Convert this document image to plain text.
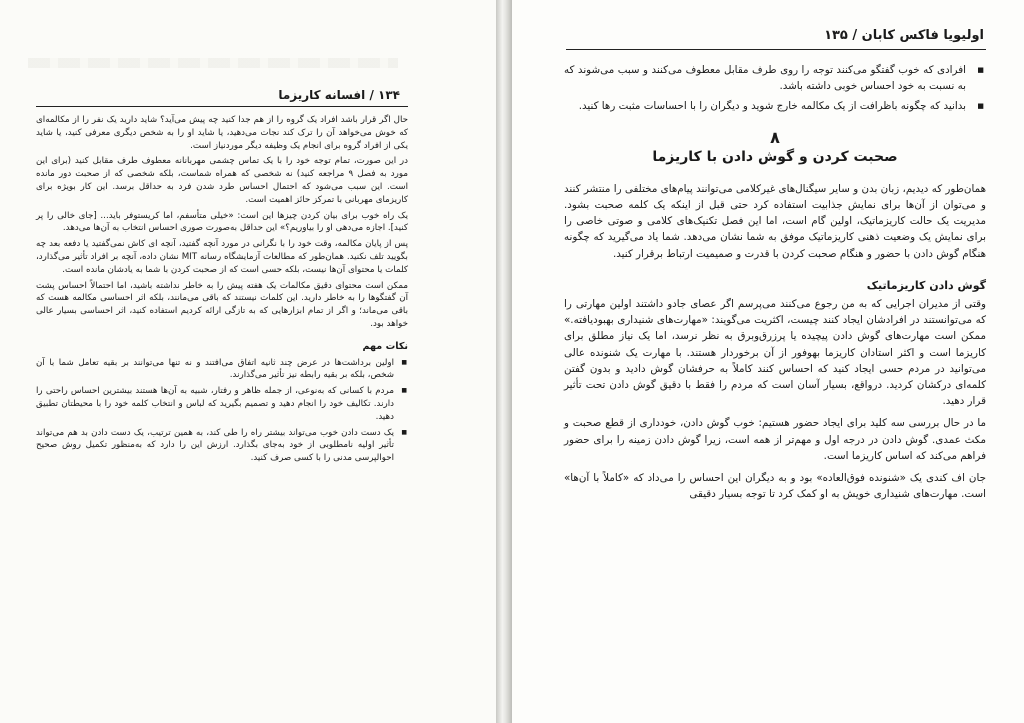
۱۳۴ / افسانه کاریزما

حال اگر قرار باشد افراد یک گروه را از هم جدا کنید چه پیش می‌آید؟ شاید دارید یک نفر را از مکالمه‌ای که خوش می‌خواهد آن را ترک کند نجات می‌دهید، یا شاید او را به شخص دیگری معرفی کنید، یا شاید یکی از افراد گروه برای انجام یک وظیفه دیگر موردنیاز است.

در این صورت، تمام توجه خود را با یک تماس چشمی مهربانانه معطوف طرف مقابل کنید (برای این مورد به فصل ۹ مراجعه کنید) نه شخصی که همراه شماست، بلکه شخصی که از صحبت دور مانده است. این سبب می‌شود که احتمال احساس طرد شدن فرد به حداقل برسد. این کار بویژه برای کاریزمای مهربانی با تمرکز حائز اهمیت است.

یک راه خوب برای بیان کردن چیزها این است: «خیلی متأسفم، اما کریستوفر باید... [جای خالی را پر کنید]. اجازه می‌دهی او را بیاوریم؟» این حداقل به‌صورت صوری احساس انتخاب به آن‌ها می‌دهد.

پس از پایان مکالمه، وقت خود را با نگرانی در مورد آنچه گفتید، آنچه ای کاش نمی‌گفتید یا دفعه بعد چه بگویید تلف نکنید. همان‌طور که مطالعات آزمایشگاه رسانه MIT نشان داده، آنچه بر افراد تأثیر می‌گذارد، کلمات یا محتوای آن‌ها نیست، بلکه حسی است که از صحبت کردن با شما به یادشان مانده است.

ممکن است محتوای دقیق مکالمات یک هفته پیش را به خاطر نداشته باشید، اما احتمالاً احساس پشت آن گفتگوها را به خاطر دارید. این کلمات نیستند که باقی می‌مانند، بلکه اثر احساسی مکالمه هست که باقی می‌ماند؛ و اگر از تمام ابزارهایی که به تازگی ارائه کردیم استفاده کنید، اثر احساسی بسیار عالی خواهد بود.

نکات مهم
■ اولین برداشت‌ها در عرض چند ثانیه اتفاق می‌افتند و نه تنها می‌توانند بر بقیه تعامل شما با آن شخص، بلکه بر بقیه رابطه نیز تأثیر می‌گذارند.
■ مردم با کسانی که به‌نوعی، از جمله ظاهر و رفتار، شبیه به آن‌ها هستند بیشترین احساس راحتی را دارند. تکالیف خود را انجام دهید و تصمیم بگیرید که لباس و انتخاب کلمه خود را با محیطتان تطبیق دهید.
■ یک دست دادن خوب می‌تواند بیشتر راه را طی کند، به همین ترتیب، یک دست دادن بد هم می‌تواند تأثیر اولیه نامطلوبی از خود به‌جای بگذارد. ارزش این را دارد که به‌منظور تکمیل روش صحیح احوالپرسی مدنی را با کسی صرف کنید.
اولیویا فاکس کابان / ۱۳۵
■ افرادی که خوب گفتگو می‌کنند توجه را روی طرف مقابل معطوف می‌کنند و سبب می‌شوند که به نسبت به خود احساس خوبی داشته باشد.
■ بدانید که چگونه باظرافت از یک مکالمه خارج شوید و دیگران را با احساسات مثبت رها کنید.
۸
صحبت کردن و گوش دادن با کاریزما

همان‌طور که دیدیم، زبان بدن و سایر سیگنال‌های غیرکلامی می‌توانند پیام‌های مختلفی را منتشر کنند و می‌توان از آن‌ها برای نمایش جذابیت استفاده کرد حتی قبل از اینکه یک کلمه صحبت بشود. مدیریت یک حالت کاریزماتیک، اولین گام است، اما این فصل تکنیک‌های کلامی و صوتی خاصی را برای نمایش یک وضعیت ذهنی کاریزماتیک موفق به شما نشان می‌دهد. شما یاد می‌گیرید که چگونه هنگام گوش دادن با حضور و هنگام صحبت کردن با قدرت و صمیمیت ارتباط برقرار کنید.

گوش دادن کاریزماتیک

وقتی از مدیران اجرایی که به من رجوع می‌کنند می‌پرسم اگر عصای جادو داشتند اولین مهارتی را که می‌توانستند در افرادشان ایجاد کنند چیست، اکثریت می‌گویند: «مهارت‌های شنیداری بهبودیافته.» ممکن است مهارت‌های گوش دادن پیچیده یا پرزرق‌وبرق به نظر نرسد، اما یک نیاز مطلق برای کاریزما است و اکثر استادان کاریزما بهوفور از آن برخوردار هستند. با مهارت یک شنونده عالی می‌توانید در مردم حسی ایجاد کنید که احساس کنند کاملاً به حرفشان گوش دادید و بدون گفتن کلمه‌ای درکشان کردید. درواقع، بسیار آسان است که مردم را فقط با دقیق گوش دادن تحت تأثیر قرار دهید.

ما در حال بررسی سه کلید برای ایجاد حضور هستیم: خوب گوش دادن، خودداری از قطع صحبت و مکث عمدی. گوش دادن در درجه اول و مهم‌تر از همه است، زیرا گوش دادن زمینه را برای حضور فراهم می‌کند که اساس کاریزما است.

جان اف کندی یک «شنونده فوق‌العاده» بود و به دیگران این احساس را می‌داد که «کاملاً با آن‌ها» است. مهارت‌های شنیداری خویش به او کمک کرد تا توجه بسیار دقیقی
